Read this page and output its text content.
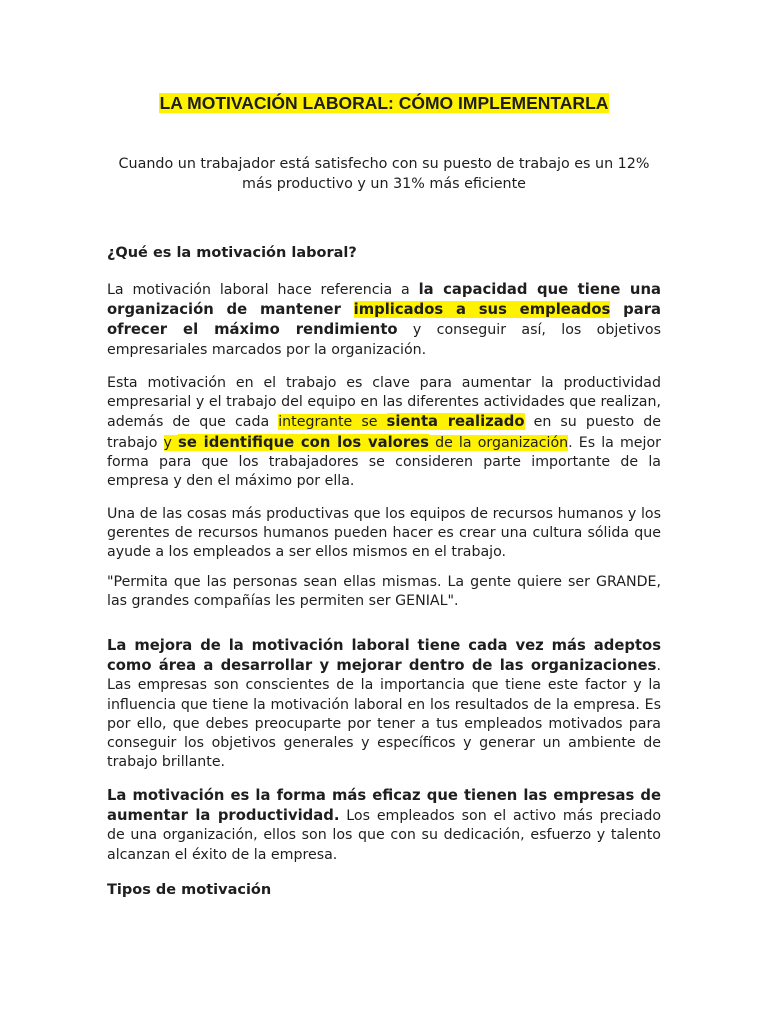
LA MOTIVACIÓN LABORAL: CÓMO IMPLEMENTARLA
Cuando un trabajador está satisfecho con su puesto de trabajo es un 12% más productivo y un 31% más eficiente
¿Qué es la motivación laboral?
La motivación laboral hace referencia a la capacidad que tiene una organización de mantener implicados a sus empleados para ofrecer el máximo rendimiento y conseguir así, los objetivos empresariales marcados por la organización.
Esta motivación en el trabajo es clave para aumentar la productividad empresarial y el trabajo del equipo en las diferentes actividades que realizan, además de que cada integrante se sienta realizado en su puesto de trabajo y se identifique con los valores de la organización. Es la mejor forma para que los trabajadores se consideren parte importante de la empresa y den el máximo por ella.
Una de las cosas más productivas que los equipos de recursos humanos y los gerentes de recursos humanos pueden hacer es crear una cultura sólida que ayude a los empleados a ser ellos mismos en el trabajo.
"Permita que las personas sean ellas mismas. La gente quiere ser GRANDE, las grandes compañías les permiten ser GENIAL".
La mejora de la motivación laboral tiene cada vez más adeptos como área a desarrollar y mejorar dentro de las organizaciones. Las empresas son conscientes de la importancia que tiene este factor y la influencia que tiene la motivación laboral en los resultados de la empresa. Es por ello, que debes preocuparte por tener a tus empleados motivados para conseguir los objetivos generales y específicos y generar un ambiente de trabajo brillante.
La motivación es la forma más eficaz que tienen las empresas de aumentar la productividad. Los empleados son el activo más preciado de una organización, ellos son los que con su dedicación, esfuerzo y talento alcanzan el éxito de la empresa.
Tipos de motivación
